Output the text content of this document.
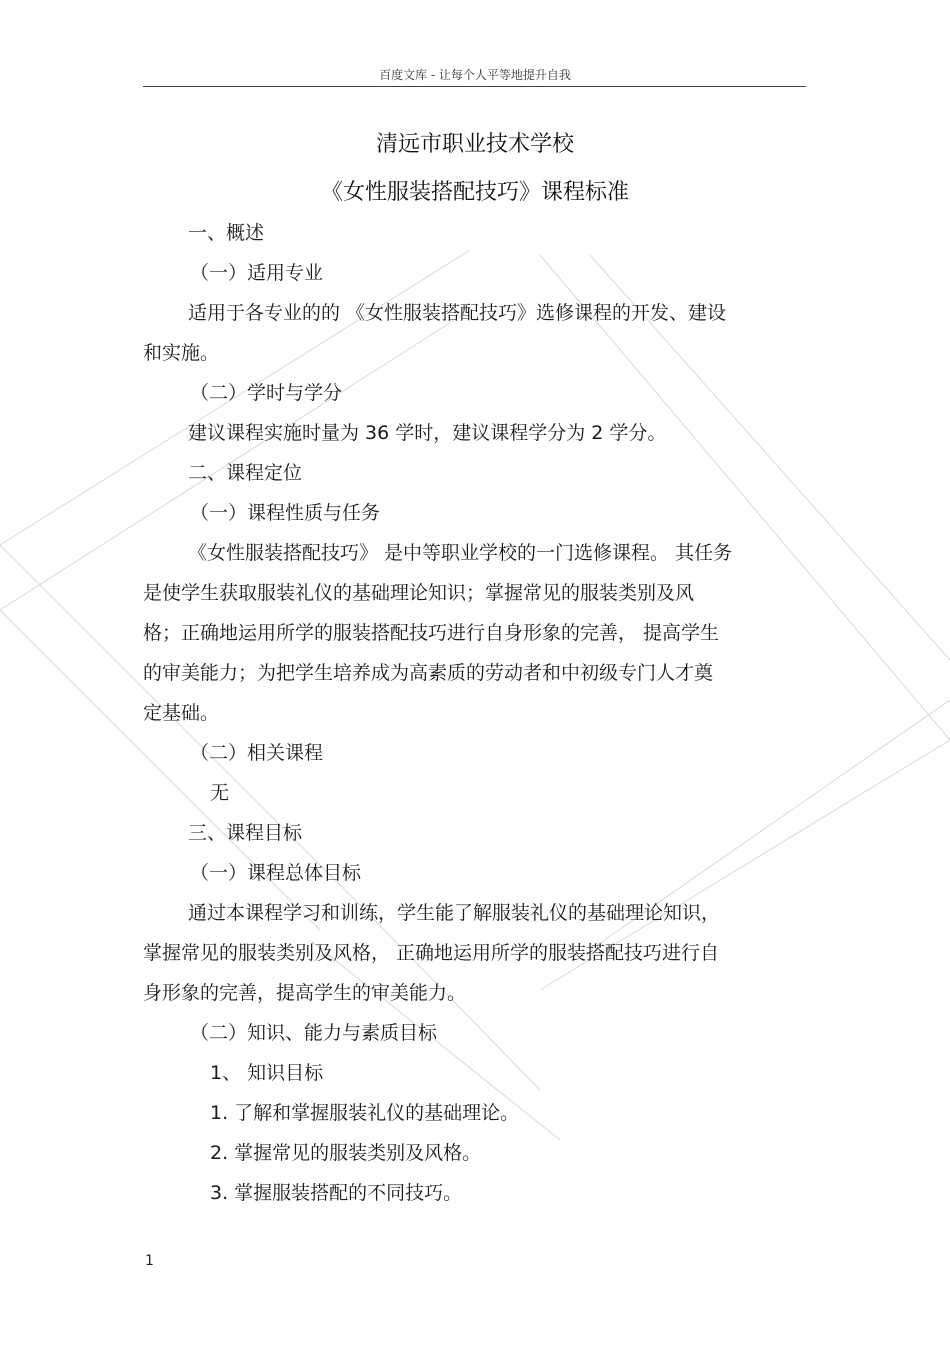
百度文库 - 让每个人平等地提升自我
清远市职业技术学校
《女性服装搭配技巧》课程标准
一、概述
（一）适用专业
适用于各专业的的 《女性服装搭配技巧》选修课程的开发、建设
和实施。
（二）学时与学分
建议课程实施时量为 36 学时，建议课程学分为 2 学分。
二、课程定位
（一）课程性质与任务
《女性服装搭配技巧》 是中等职业学校的一门选修课程。 其任务
是使学生获取服装礼仪的基础理论知识；掌握常见的服装类别及风
格；正确地运用所学的服装搭配技巧进行自身形象的完善， 提高学生
的审美能力；为把学生培养成为高素质的劳动者和中初级专门人才奠
定基础。
（二）相关课程
无
三、课程目标
（一）课程总体目标
通过本课程学习和训练，学生能了解服装礼仪的基础理论知识，
掌握常见的服装类别及风格， 正确地运用所学的服装搭配技巧进行自
身形象的完善，提高学生的审美能力。
（二）知识、能力与素质目标
1、 知识目标
1. 了解和掌握服装礼仪的基础理论。
2. 掌握常见的服装类别及风格。
3. 掌握服装搭配的不同技巧。
1
